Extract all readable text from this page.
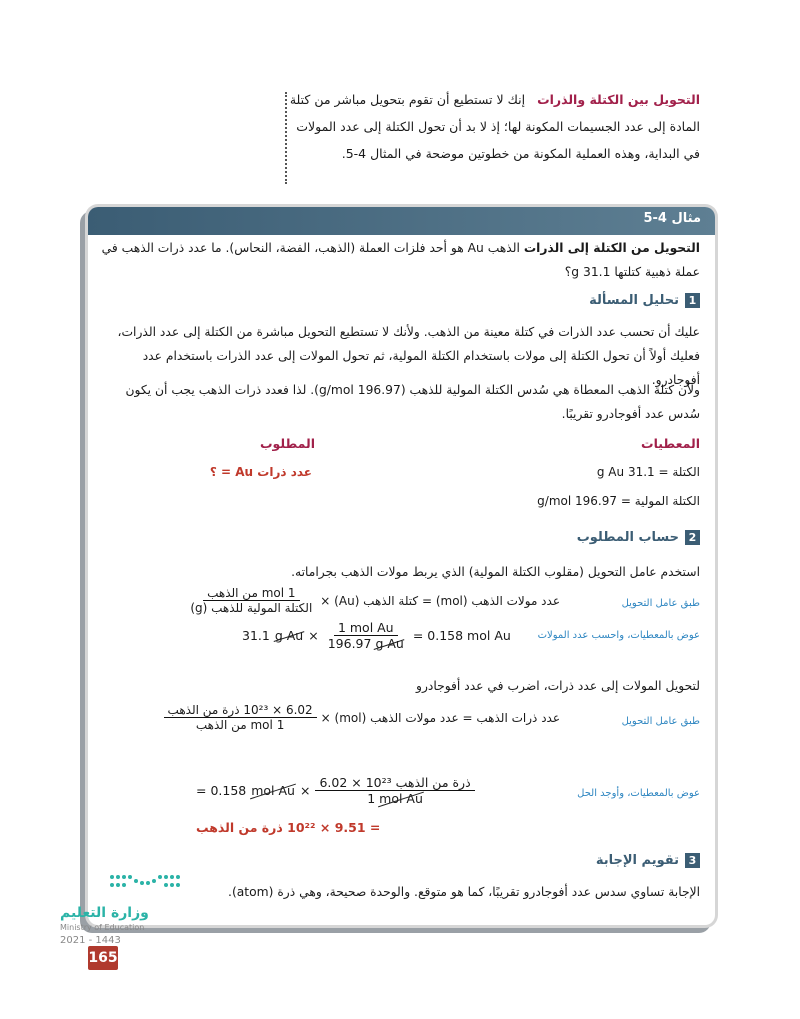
التحويل بين الكتلة والذرات إنك لا تستطيع أن تقوم بتحويل مباشر من كتلة المادة إلى عدد الجسيمات المكونة لها؛ إذ لا بد أن تحول الكتلة إلى عدد المولات في البداية، وهذه العملية المكونة من خطوتين موضحة في المثال 4-5.
مثال 4-5
التحويل من الكتلة إلى الذرات الذهب Au هو أحد فلزات العملة (الذهب، الفضة، النحاس). ما عدد ذرات الذهب في عملة ذهبية كتلتها 31.1 g؟
1
تحليل المسألة
عليك أن تحسب عدد الذرات في كتلة معينة من الذهب. ولأنك لا تستطيع التحويل مباشرة من الكتلة إلى عدد الذرات، فعليك أولاً أن تحول الكتلة إلى مولات باستخدام الكتلة المولية، ثم تحول المولات إلى عدد الذرات باستخدام عدد أفوجادرو.
ولأن كتلة الذهب المعطاة هي سُدس الكتلة المولية للذهب (196.97 g/mol). لذا فعدد ذرات الذهب يجب أن يكون سُدس عدد أفوجادرو تقريبًا.
المعطيات
المطلوب
الكتلة = 31.1 g Au
الكتلة المولية = 196.97 g/mol
عدد ذرات Au = ؟
2
حساب المطلوب
استخدم عامل التحويل (مقلوب الكتلة المولية) الذي يربط مولات الذهب بجراماته.
طبق عامل التحويل
عدد مولات الذهب (mol) = كتلة الذهب (Au) ×
$\frac{\text{1 mol من الذهب}}{\text{الكتلة المولية للذهب (g)}}$
عوض بالمعطيات، واحسب عدد المولات
31.1 g $Au \times \frac{\text{1 mol Au}}{\text{196.97 g Au}} = 0.158$ mol Au
لتحويل المولات إلى عدد ذرات، اضرب في عدد أفوجادرو
طبق عامل التحويل
عدد ذرات الذهب = عدد مولات الذهب (mol) ×
$\frac{\text{6.02 × 10²³ ذرة من الذهب}}{\text{1 mol من الذهب}}$
عوض بالمعطيات، وأوجد الحل
= 0.158 mol $Au \times \frac{\text{6.02 × 10²³ ذرة من الذهب}}{\text{1 mol Au}}$
= 9.51 × 10²² ذرة من الذهب
3
تقويم الإجابة
الإجابة تساوي سدس عدد أفوجادرو تقريبًا، كما هو متوقع. والوحدة صحيحة، وهي ذرة (atom).
وزارة التعليم
Ministry of Education
2021 - 1443
165
